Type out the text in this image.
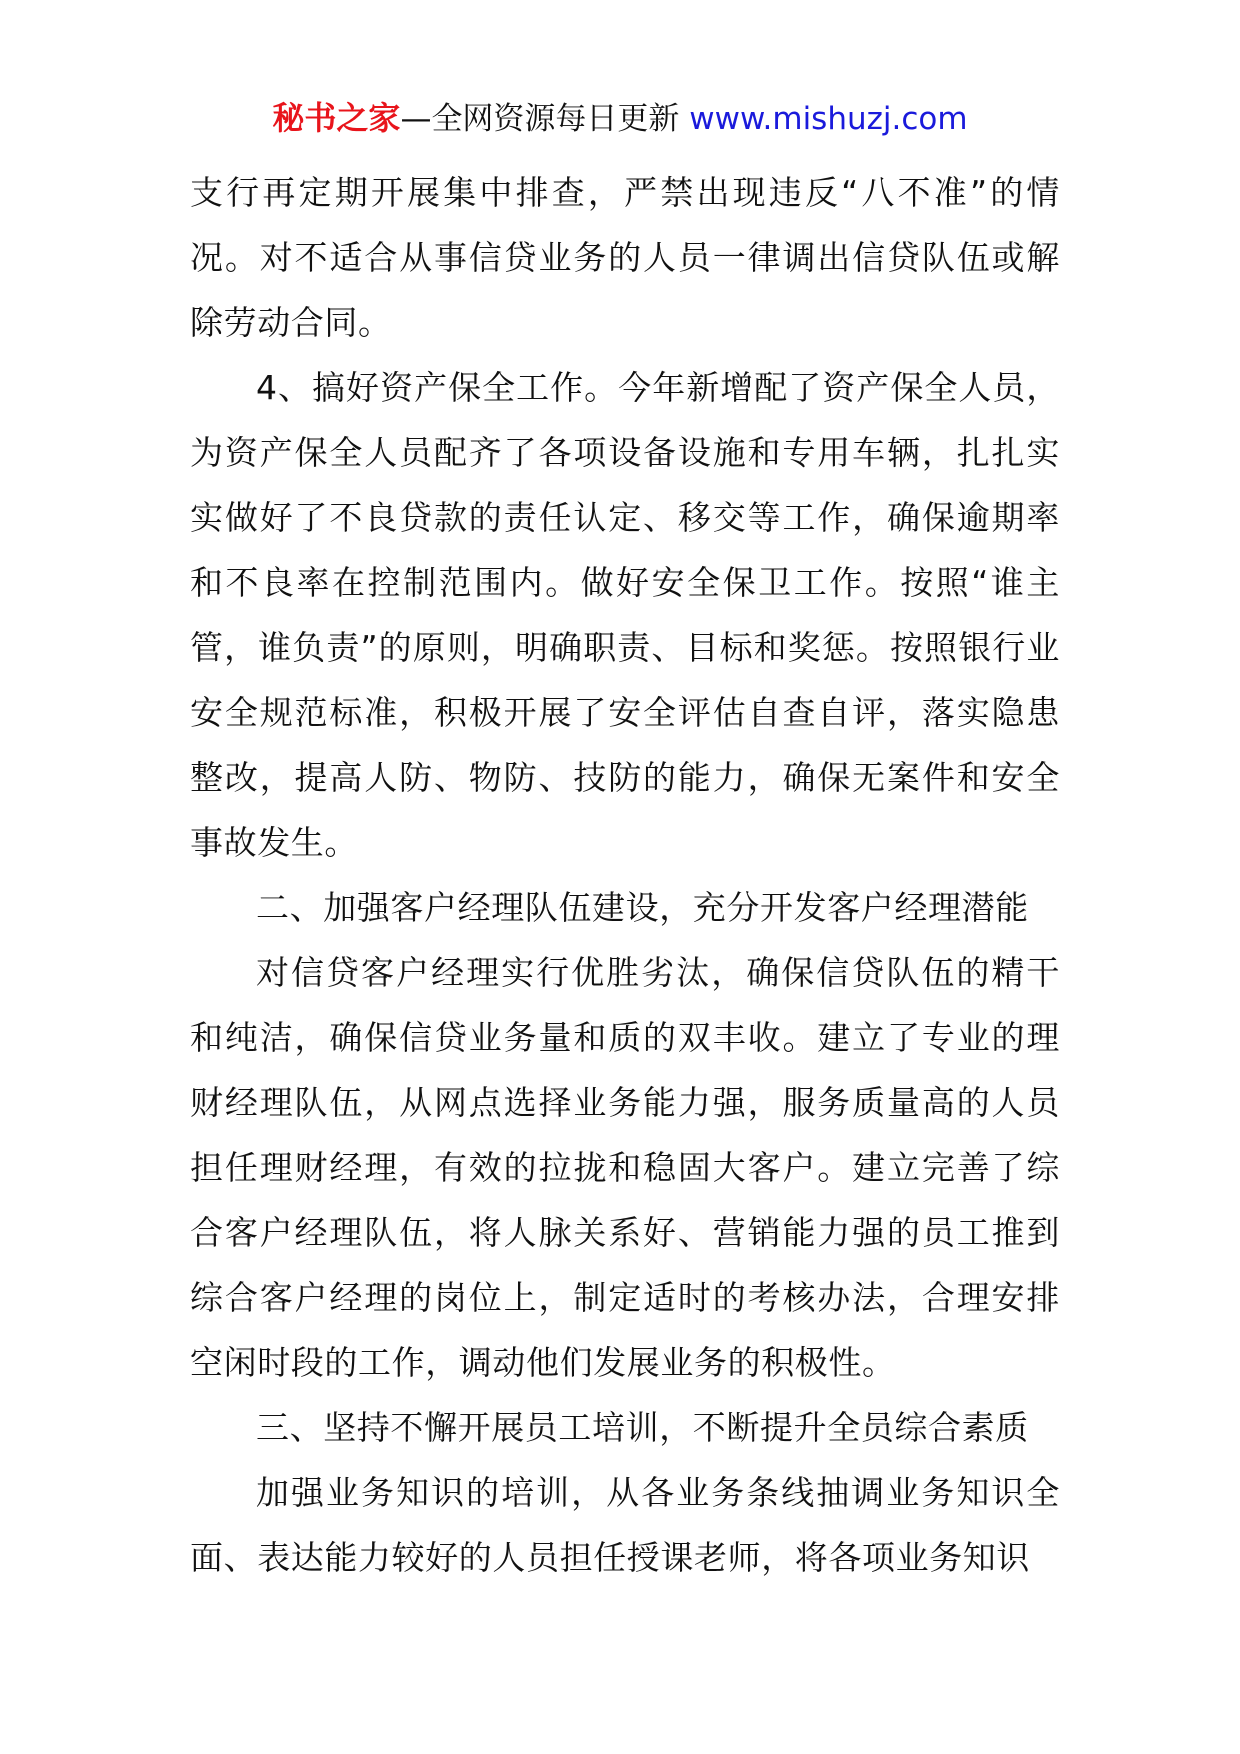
秘书之家—全网资源每日更新 www.mishuzj.com

支行再定期开展集中排查，严禁出现违反“八不准”的情况。对不适合从事信贷业务的人员一律调出信贷队伍或解除劳动合同。

4、搞好资产保全工作。今年新增配了资产保全人员，为资产保全人员配齐了各项设备设施和专用车辆，扎扎实实做好了不良贷款的责任认定、移交等工作，确保逾期率和不良率在控制范围内。做好安全保卫工作。按照“谁主管，谁负责”的原则，明确职责、目标和奖惩。按照银行业安全规范标准，积极开展了安全评估自查自评，落实隐患整改，提高人防、物防、技防的能力，确保无案件和安全事故发生。

二、加强客户经理队伍建设，充分开发客户经理潜能

对信贷客户经理实行优胜劣汰，确保信贷队伍的精干和纯洁，确保信贷业务量和质的双丰收。建立了专业的理财经理队伍，从网点选择业务能力强，服务质量高的人员担任理财经理，有效的拉拢和稳固大客户。建立完善了综合客户经理队伍，将人脉关系好、营销能力强的员工推到综合客户经理的岗位上，制定适时的考核办法，合理安排空闲时段的工作，调动他们发展业务的积极性。

三、坚持不懈开展员工培训，不断提升全员综合素质

加强业务知识的培训，从各业务条线抽调业务知识全面、表达能力较好的人员担任授课老师，将各项业务知识
